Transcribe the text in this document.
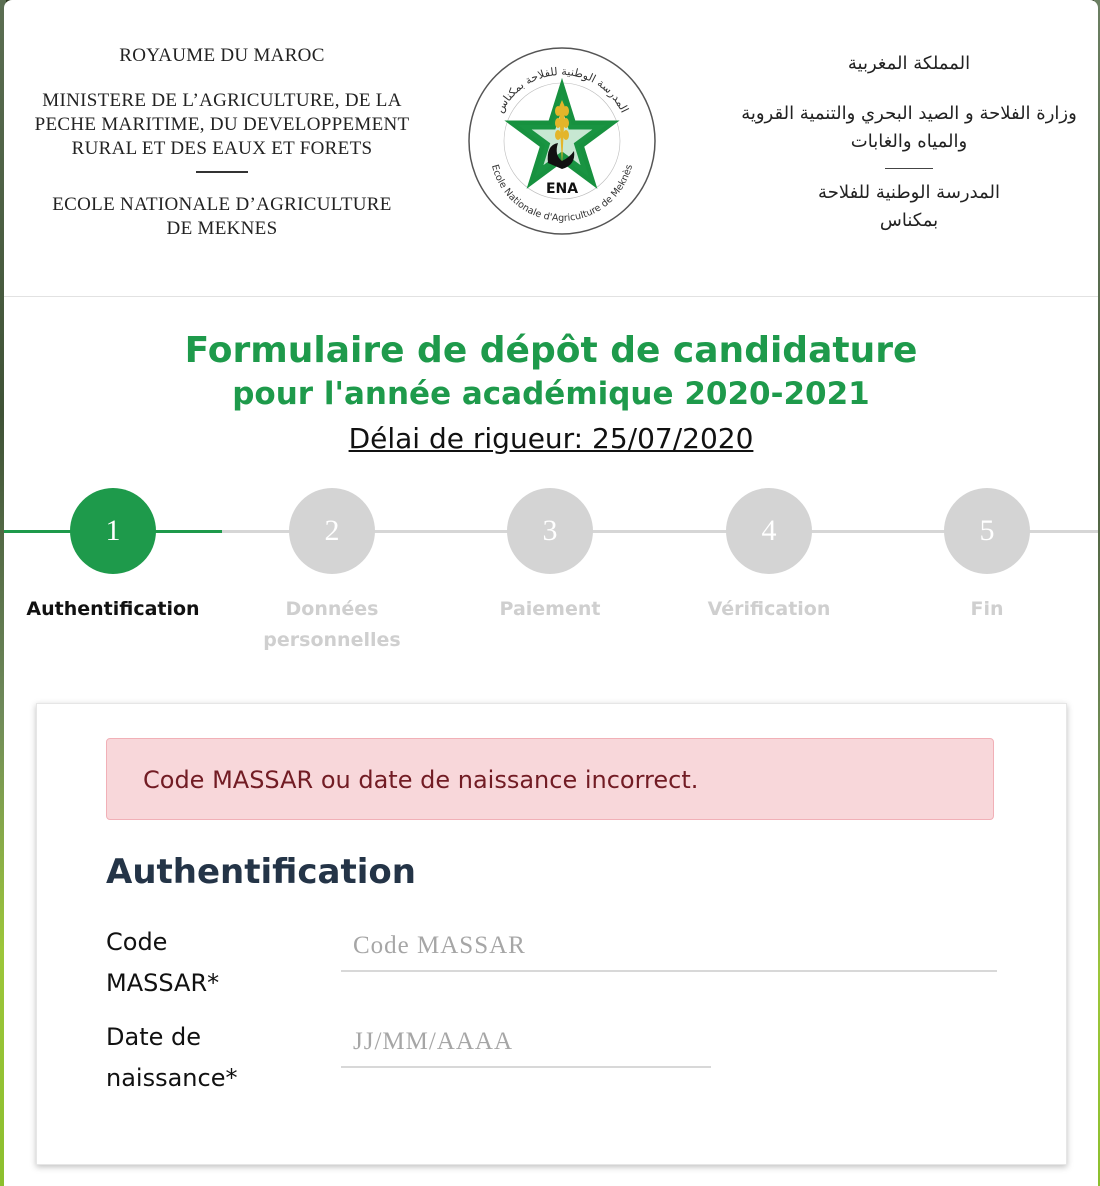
ROYAUME DU MAROC

MINISTERE DE L’AGRICULTURE, DE LA

PECHE MARITIME, DU DEVELOPPEMENT

RURAL ET DES EAUX ET FORETS

ECOLE NATIONALE D’AGRICULTURE

DE MEKNES

المدرسة الوطنية للفلاحة بمكناس
Ecole Nationale d'Agriculture de Meknès
ENA

المملكة المغربية

وزارة الفلاحة و الصيد البحري والتنمية القروية

والمياه والغابات

المدرسة الوطنية للفلاحة

بمكناس

Formulaire de dépôt de candidature
pour l'année académique 2020-2021
Délai de rigueur: 25/07/2020
1
Authentification
2
Données personnelles
3
Paiement
4
Vérification
5
Fin
Code MASSAR ou date de naissance incorrect.
Authentification
Code
MASSAR*
Code MASSAR
Date de
naissance*
JJ/MM/AAAA
